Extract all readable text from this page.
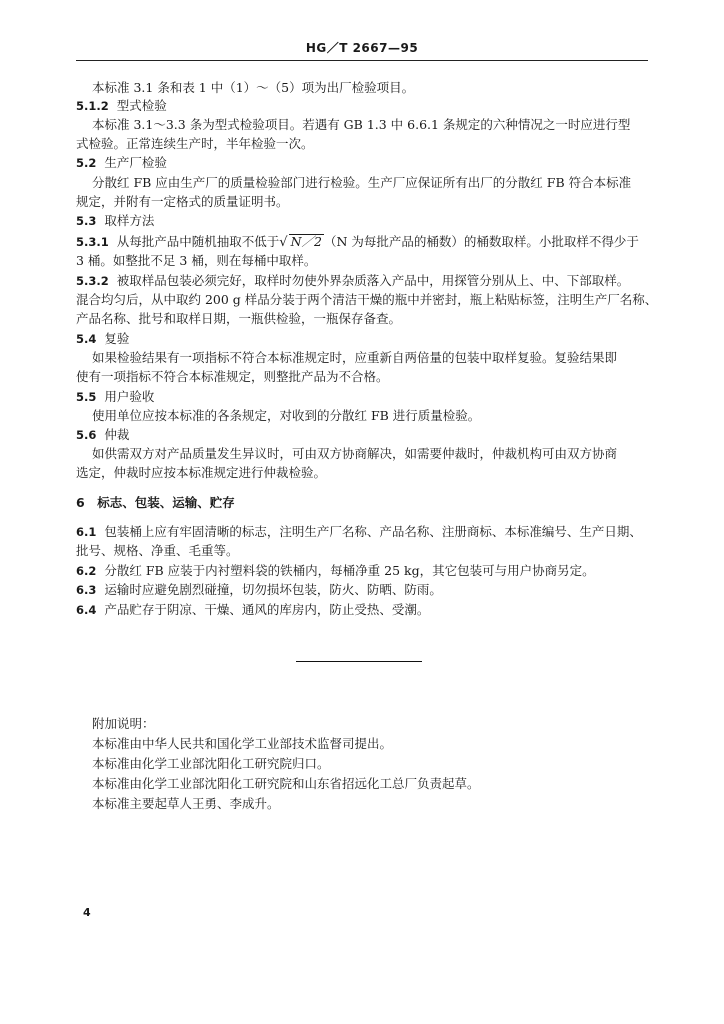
HG／T 2667—95
本标准 3.1 条和表 1 中（1）～（5）项为出厂检验项目。
5.1.2 型式检验
本标准 3.1～3.3 条为型式检验项目。若遇有 GB 1.3 中 6.6.1 条规定的六种情况之一时应进行型
式检验。正常连续生产时，半年检验一次。
5.2 生产厂检验
分散红 FB 应由生产厂的质量检验部门进行检验。生产厂应保证所有出厂的分散红 FB 符合本标准
规定，并附有一定格式的质量证明书。
5.3 取样方法
5.3.1 从每批产品中随机抽取不低于√ N／2 （N 为每批产品的桶数）的桶数取样。小批取样不得少于
3 桶。如整批不足 3 桶，则在每桶中取样。
5.3.2 被取样品包装必须完好，取样时勿使外界杂质落入产品中，用探管分别从上、中、下部取样。
混合均匀后，从中取约 200 g 样品分装于两个清洁干燥的瓶中并密封，瓶上粘贴标签，注明生产厂名称、
产品名称、批号和取样日期，一瓶供检验，一瓶保存备查。
5.4 复验
如果检验结果有一项指标不符合本标准规定时，应重新自两倍量的包装中取样复验。复验结果即
使有一项指标不符合本标准规定，则整批产品为不合格。
5.5 用户验收
使用单位应按本标准的各条规定，对收到的分散红 FB 进行质量检验。
5.6 仲裁
如供需双方对产品质量发生异议时，可由双方协商解决，如需要仲裁时，仲裁机构可由双方协商
选定，仲裁时应按本标准规定进行仲裁检验。
6　标志、包装、运输、贮存
6.1 包装桶上应有牢固清晰的标志，注明生产厂名称、产品名称、注册商标、本标准编号、生产日期、
批号、规格、净重、毛重等。
6.2 分散红 FB 应装于内衬塑料袋的铁桶内，每桶净重 25 kg，其它包装可与用户协商另定。
6.3 运输时应避免剧烈碰撞，切勿损坏包装，防火、防晒、防雨。
6.4 产品贮存于阴凉、干燥、通风的库房内，防止受热、受潮。
附加说明：
本标准由中华人民共和国化学工业部技术监督司提出。
本标准由化学工业部沈阳化工研究院归口。
本标准由化学工业部沈阳化工研究院和山东省招远化工总厂负责起草。
本标准主要起草人王勇、李成升。
4
